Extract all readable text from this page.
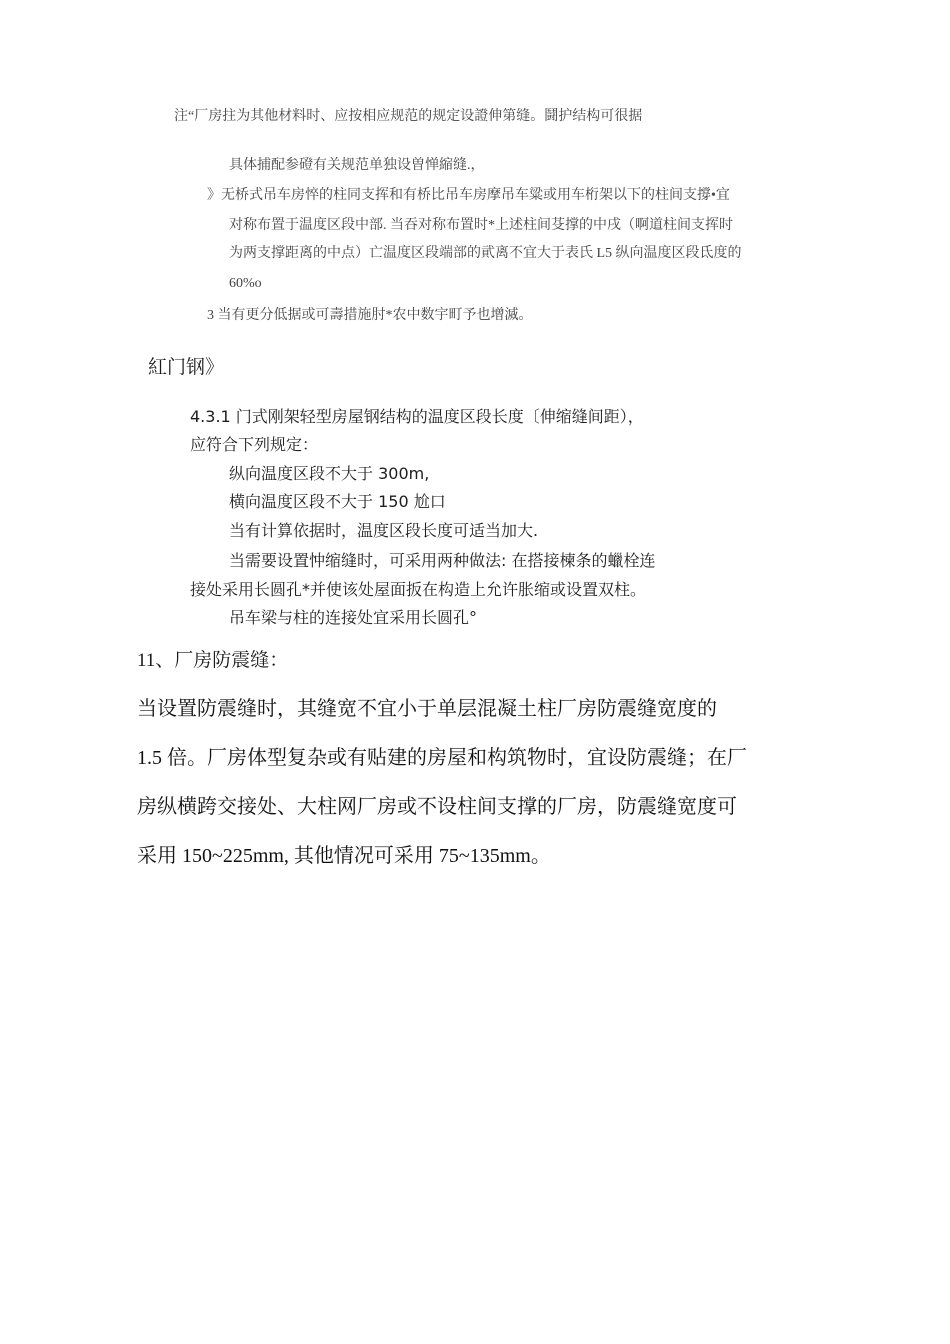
注“厂房拄为其他材料时、应按相应规范的规定设證伸第缝。鬪护结构可很据
具体捕配参磴有关规范单独设曽惮縮缝.，
》无桥式吊车房悴的柱同支挥和有桥比吊车房摩吊车粱或用车桁架以下的柱间支撐•宜
对称布置于温度区段中部. 当吞对称布置时*上述柱间芟撑的中戌（啊道柱间支挥时
为两支撑距离的中点）亡温度区段端部的貮离不宜大于表氏 L5 纵向温度区段氐度的
60%o
3 当有更分低据或可壽措施肘*农中数宇町予也增滅。
紅门钢》
4.3.1 门式刚架轻型房屋钢结构的温度区段长度〔伸缩缝间距），
应符合下列规定：
纵向温度区段不大于 300m,
横向温度区段不大于 150 尬口
当有计算依据时，温度区段长度可适当加大.
当需要设置忡缩缝时，可采用两种做法: 在搭接楝条的蠟栓连
接处采用长圆孔*并使该处屋面扳在构造上允许胀缩或设置双柱。
吊车梁与柱的连接处宜采用长圆孔°
11、厂房防震缝：
当设置防震缝时，其缝宽不宜小于单层混凝土柱厂房防震缝宽度的
1.5 倍。厂房体型复杂或有贴建的房屋和构筑物时，宜设防震缝；在厂
房纵横跨交接处、大柱网厂房或不设柱间支撑的厂房，防震缝宽度可
采用 150~225mm, 其他情况可采用 75~135mm。
